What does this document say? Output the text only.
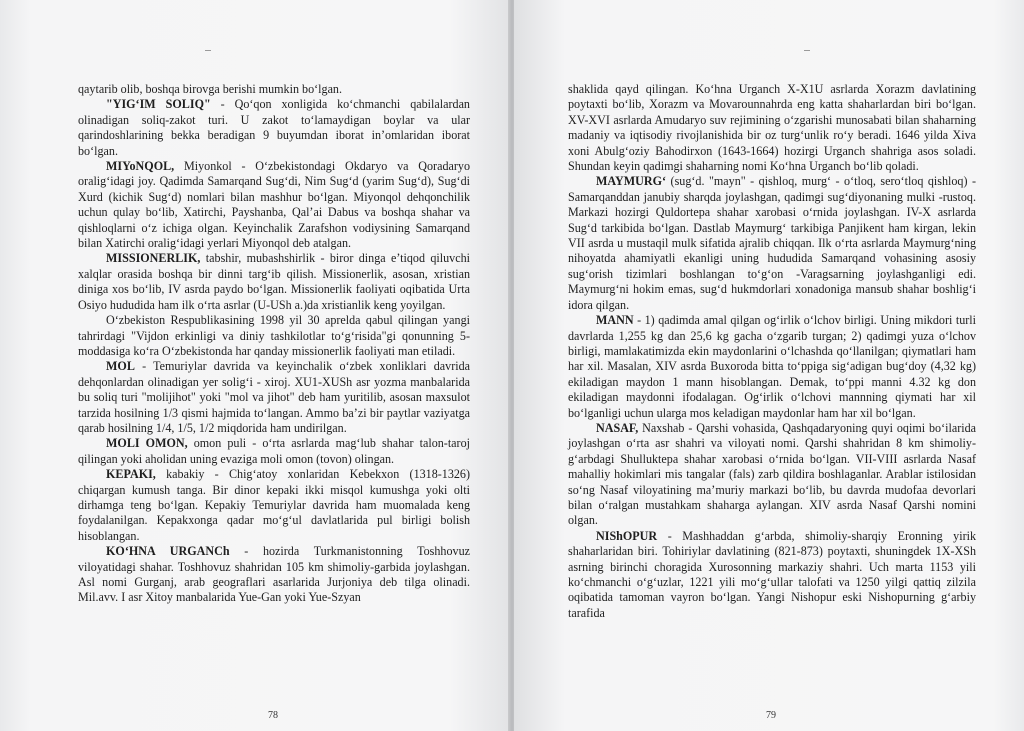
qaytarib olib, boshqa birovga berishi mumkin bo‘lgan.

"YIG‘IM SOLIQ" - Qo‘qon xonligida ko‘chmanchi qabilalardan olinadigan soliq-zakot turi. U zakot to‘lamaydigan boylar va ular qarindoshlarining bekka beradigan 9 buyumdan iborat in’omlaridan iborat bo‘lgan.

MIYoNQOL, Miyonkol - O‘zbekistondagi Okdaryo va Qoradaryo oralig‘idagi joy. Qadimda Samarqand Sug‘di, Nim Sug‘d (yarim Sug‘d), Sug‘di Xurd (kichik Sug‘d) nomlari bilan mashhur bo‘lgan. Miyonqol dehqonchilik uchun qulay bo‘lib, Xatirchi, Payshanba, Qal’ai Dabus va boshqa shahar va qishloqlarni o‘z ichiga olgan. Keyinchalik Zarafshon vodiysining Samarqand bilan Xatirchi oralig‘idagi yerlari Miyonqol deb atalgan.

MISSIONERLIK, tabshir, mubashshirlik - biror dinga e’tiqod qiluvchi xalqlar orasida boshqa bir dinni targ‘ib qilish. Missionerlik, asosan, xristian diniga xos bo‘lib, IV asrda paydo bo‘lgan. Missionerlik faoliyati oqibatida Urta Osiyo hududida ham ilk o‘rta asrlar (U-USh a.)da xristianlik keng yoyilgan.

O‘zbekiston Respublikasining 1998 yil 30 aprelda qabul qilingan yangi tahrirdagi "Vijdon erkinligi va diniy tashkilotlar to‘g‘risida"gi qonunning 5-moddasiga ko‘ra O‘zbekistonda har qanday missionerlik faoliyati man etiladi.

MOL - Temuriylar davrida va keyinchalik o‘zbek xonliklari davrida dehqonlardan olinadigan yer solig‘i - xiroj. XU1-XUSh asr yozma manbalarida bu soliq turi "molijihot" yoki "mol va jihot" deb ham yuritilib, asosan maxsulot tarzida hosilning 1/3 qismi hajmida to‘langan. Ammo ba’zi bir paytlar vaziyatga qarab hosilning 1/4, 1/5, 1/2 miqdorida ham undirilgan.

MOLI OMON, omon puli - o‘rta asrlarda mag‘lub shahar talon-taroj qilingan yoki aholidan uning evaziga moli omon (tovon) olingan.

KEPAKI, kabakiy - Chig‘atoy xonlaridan Kebekxon (1318-1326) chiqargan kumush tanga. Bir dinor kepaki ikki misqol kumushga yoki olti dirhamga teng bo‘lgan. Kepakiy Temuriylar davrida ham muomalada keng foydalanilgan. Kepakxonga qadar mo‘g‘ul davlatlarida pul birligi bolish hisoblangan.

KO‘HNA URGANCh - hozirda Turkmanistonning Toshhovuz viloyatidagi shahar. Toshhovuz shahridan 105 km shimoliy-garbida joylashgan. Asl nomi Gurganj, arab geograflari asarlarida Jurjoniya deb tilga olinadi. Mil.avv. I asr Xitoy manbalarida Yue-Gan yoki Yue-Szyan

78

shaklida qayd qilingan. Ko‘hna Urganch X-X1U asrlarda Xorazm davlatining poytaxti bo‘lib, Xorazm va Movarounnahrda eng katta shaharlardan biri bo‘lgan. XV-XVI asrlarda Amudaryo suv rejimining o‘zgarishi munosabati bilan shaharning madaniy va iqtisodiy rivojlanishida bir oz turg‘unlik ro‘y beradi. 1646 yilda Xiva xoni Abulg‘oziy Bahodirxon (1643-1664) hozirgi Urganch shahriga asos soladi. Shundan keyin qadimgi shaharning nomi Ko‘hna Urganch bo‘lib qoladi.

MAYMURG‘ (sug‘d. "mayn" - qishloq, murg‘ - o‘tloq, sero‘tloq qishloq) -Samarqanddan janubiy sharqda joylashgan, qadimgi sug‘diyonaning mulki -rustoq. Markazi hozirgi Quldortepa shahar xarobasi o‘rnida joylashgan. IV-X asrlarda Sug‘d tarkibida bo‘lgan. Dastlab Maymurg‘ tarkibiga Panjikent ham kirgan, lekin VII asrda u mustaqil mulk sifatida ajralib chiqqan. Ilk o‘rta asrlarda Maymurg‘ning nihoyatda ahamiyatli ekanligi uning hududida Samarqand vohasining asosiy sug‘orish tizimlari boshlangan to‘g‘on -Varagsarning joylashganligi edi. Maymurg‘ni hokim emas, sug‘d hukmdorlari xonadoniga mansub shahar boshlig‘i idora qilgan.

MANN - 1) qadimda amal qilgan og‘irlik o‘lchov birligi. Uning mikdori turli davrlarda 1,255 kg dan 25,6 kg gacha o‘zgarib turgan; 2) qadimgi yuza o‘lchov birligi, mamlakatimizda ekin maydonlarini o‘lchashda qo‘llanilgan; qiymatlari ham har xil. Masalan, XIV asrda Buxoroda bitta to‘ppiga sig‘adigan bug‘doy (4,32 kg) ekiladigan maydon 1 mann hisoblangan. Demak, to‘ppi manni 4.32 kg don ekiladigan maydonni ifodalagan. Og‘irlik o‘lchovi mannning qiymati har xil bo‘lganligi uchun ularga mos keladigan maydonlar ham har xil bo‘lgan.

NASAF, Naxshab - Qarshi vohasida, Qashqadaryoning quyi oqimi bo‘ilarida joylashgan o‘rta asr shahri va viloyati nomi. Qarshi shahridan 8 km shimoliy-g‘arbdagi Shulluktepa shahar xarobasi o‘rnida bo‘lgan. VII-VIII asrlarda Nasaf mahalliy hokimlari mis tangalar (fals) zarb qildira boshlaganlar. Arablar istilosidan so‘ng Nasaf viloyatining ma’muriy markazi bo‘lib, bu davrda mudofaa devorlari bilan o‘ralgan mustahkam shaharga aylangan. XIV asrda Nasaf Qarshi nomini olgan.

NIShOPUR - Mashhaddan g‘arbda, shimoliy-sharqiy Eronning yirik shaharlaridan biri. Tohiriylar davlatining (821-873) poytaxti, shuningdek 1X-XSh asrning birinchi choragida Xurosonning markaziy shahri. Uch marta 1153 yili ko‘chmanchi o‘g‘uzlar, 1221 yili mo‘g‘ullar talofati va 1250 yilgi qattiq zilzila oqibatida tamoman vayron bo‘lgan. Yangi Nishopur eski Nishopurning g‘arbiy tarafida

79
